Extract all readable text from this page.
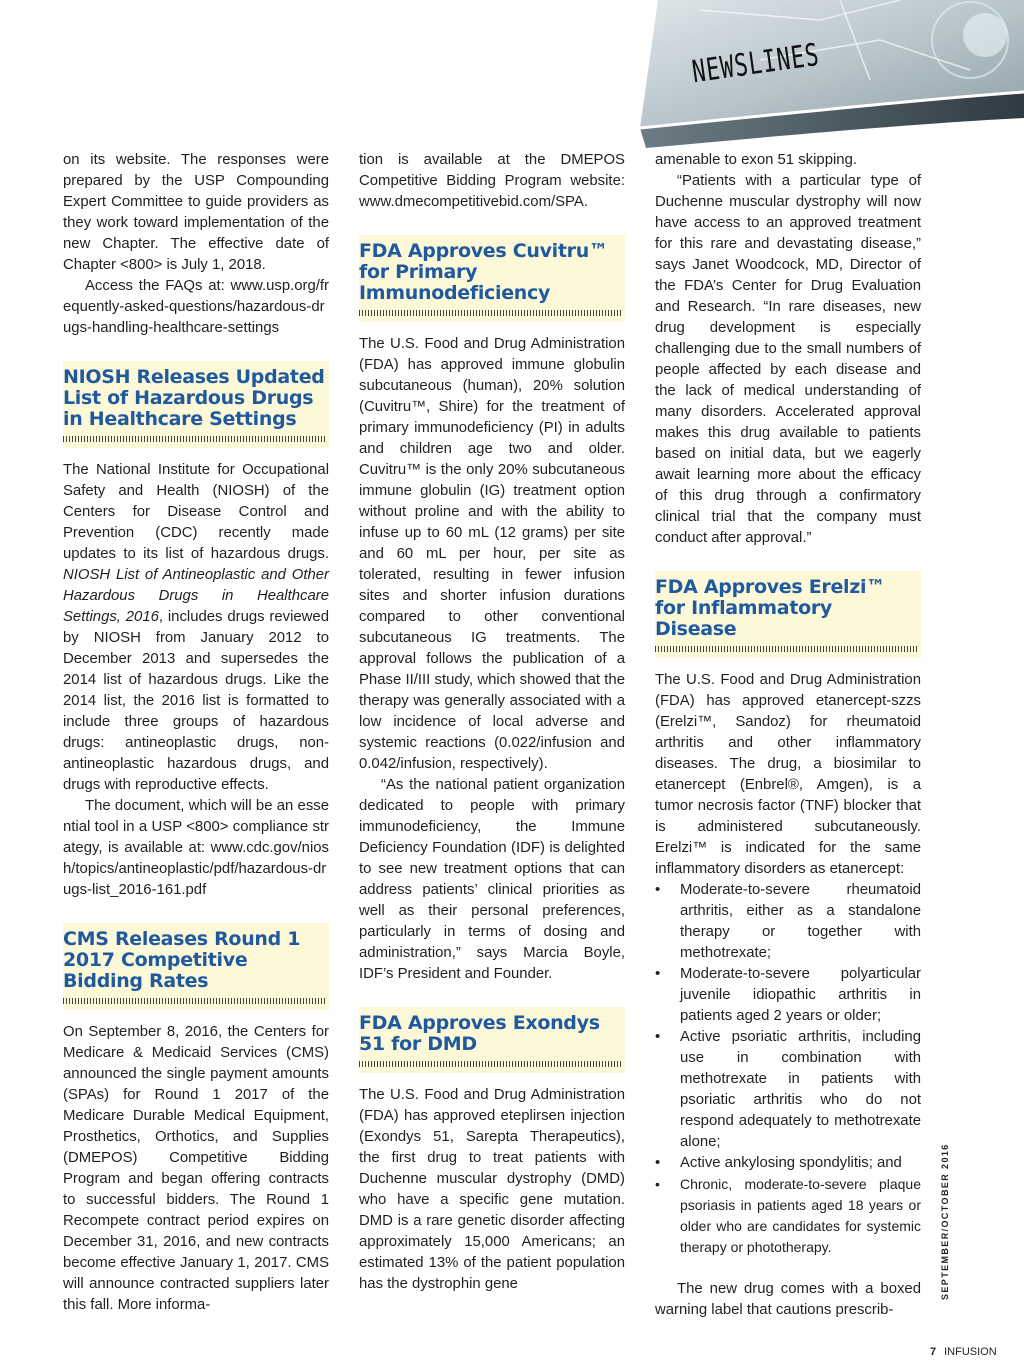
NEWSLINES

on its website. The responses were prepared by the USP Compounding Expert Committee to guide providers as they work toward implementation of the new Chapter. The effective date of Chapter <800> is July 1, 2018.

Access the FAQs at: www.usp.org/frequently-asked-questions/hazardous-drugs-handling-healthcare-settings

NIOSH Releases Updated List of Hazardous Drugs in Healthcare Settings

The National Institute for Occupational Safety and Health (NIOSH) of the Centers for Disease Control and Prevention (CDC) recently made updates to its list of hazardous drugs. NIOSH List of Antineoplastic and Other Hazardous Drugs in Healthcare Settings, 2016, includes drugs reviewed by NIOSH from January 2012 to December 2013 and supersedes the 2014 list of hazardous drugs. Like the 2014 list, the 2016 list is formatted to include three groups of hazardous drugs: antineoplastic drugs, non-antineoplastic hazardous drugs, and drugs with reproductive effects.

The document, which will be an essential tool in a USP <800> compliance strategy, is available at: www.cdc.gov/niosh/topics/antineoplastic/pdf/hazardous-drugs-list_2016-161.pdf

CMS Releases Round 1 2017 Competitive Bidding Rates

On September 8, 2016, the Centers for Medicare & Medicaid Services (CMS) announced the single payment amounts (SPAs) for Round 1 2017 of the Medicare Durable Medical Equipment, Prosthetics, Orthotics, and Supplies (DMEPOS) Competitive Bidding Program and began offering contracts to successful bidders. The Round 1 Recompete contract period expires on December 31, 2016, and new contracts become effective January 1, 2017. CMS will announce contracted suppliers later this fall. More informa-

tion is available at the DMEPOS Competitive Bidding Program website: www.dmecompetitivebid.com/SPA.

FDA Approves Cuvitru™ for Primary Immunodeficiency

The U.S. Food and Drug Administration (FDA) has approved immune globulin subcutaneous (human), 20% solution (Cuvitru™, Shire) for the treatment of primary immunodeficiency (PI) in adults and children age two and older. Cuvitru™ is the only 20% subcutaneous immune globulin (IG) treatment option without proline and with the ability to infuse up to 60 mL (12 grams) per site and 60 mL per hour, per site as tolerated, resulting in fewer infusion sites and shorter infusion durations compared to other conventional subcutaneous IG treatments. The approval follows the publication of a Phase II/III study, which showed that the therapy was generally associated with a low incidence of local adverse and systemic reactions (0.022/infusion and 0.042/infusion, respectively).

“As the national patient organization dedicated to people with primary immunodeficiency, the Immune Deficiency Foundation (IDF) is delighted to see new treatment options that can address patients’ clinical priorities as well as their personal preferences, particularly in terms of dosing and administration,” says Marcia Boyle, IDF’s President and Founder.

FDA Approves Exondys 51 for DMD

The U.S. Food and Drug Administration (FDA) has approved eteplirsen injection (Exondys 51, Sarepta Therapeutics), the first drug to treat patients with Duchenne muscular dystrophy (DMD) who have a specific gene mutation. DMD is a rare genetic disorder affecting approximately 15,000 Americans; an estimated 13% of the patient population has the dystrophin gene

amenable to exon 51 skipping.

“Patients with a particular type of Duchenne muscular dystrophy will now have access to an approved treatment for this rare and devastating disease,” says Janet Woodcock, MD, Director of the FDA’s Center for Drug Evaluation and Research. “In rare diseases, new drug development is especially challenging due to the small numbers of people affected by each disease and the lack of medical understanding of many disorders. Accelerated approval makes this drug available to patients based on initial data, but we eagerly await learning more about the efficacy of this drug through a confirmatory clinical trial that the company must conduct after approval.”

FDA Approves Erelzi™ for Inflammatory Disease

The U.S. Food and Drug Administration (FDA) has approved etanercept-szzs (Erelzi™, Sandoz) for rheumatoid arthritis and other inflammatory diseases. The drug, a biosimilar to etanercept (Enbrel®, Amgen), is a tumor necrosis factor (TNF) blocker that is administered subcutaneously. Erelzi™ is indicated for the same inflammatory disorders as etanercept:

• Moderate-to-severe rheumatoid arthritis, either as a standalone therapy or together with methotrexate;
• Moderate-to-severe polyarticular juvenile idiopathic arthritis in patients aged 2 years or older;
• Active psoriatic arthritis, including use in combination with methotrexate in patients with psoriatic arthritis who do not respond adequately to methotrexate alone;
• Active ankylosing spondylitis; and
• Chronic, moderate-to-severe plaque psoriasis in patients aged 18 years or older who are candidates for systemic therapy or phototherapy.

The new drug comes with a boxed warning label that cautions prescrib-

SEPTEMBER/OCTOBER 2016
7 INFUSION
